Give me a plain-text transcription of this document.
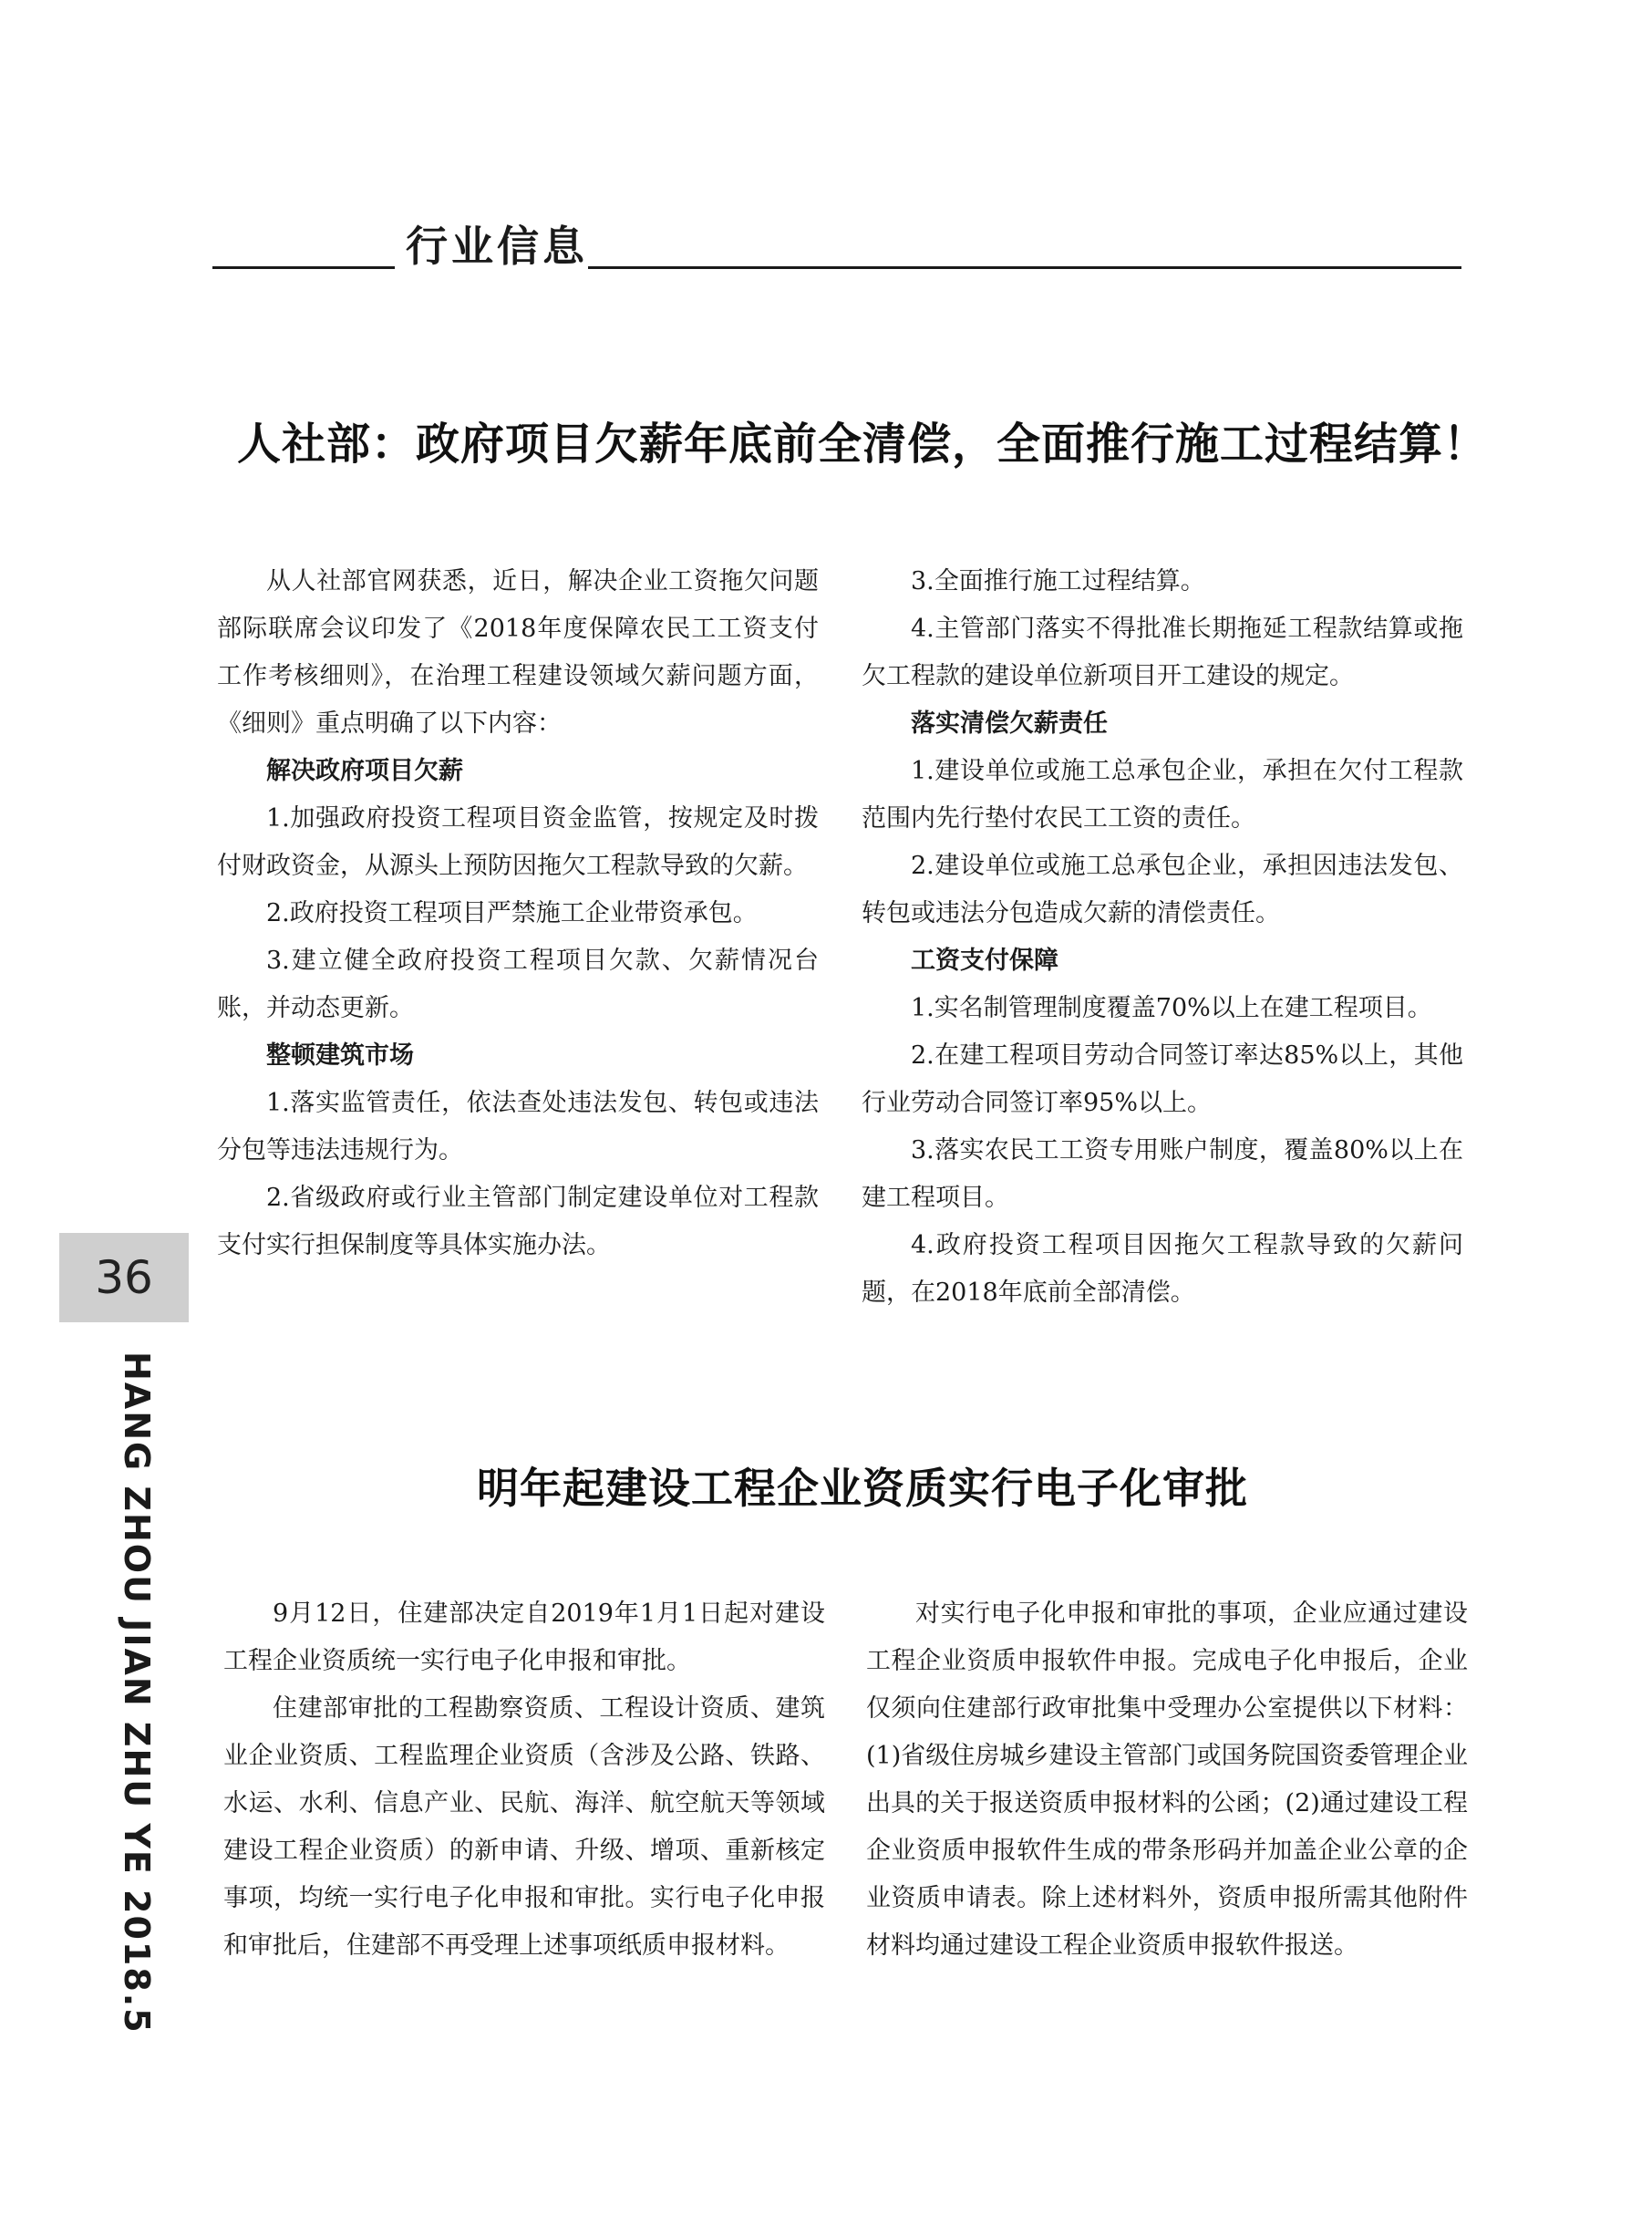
行业信息
人社部：政府项目欠薪年底前全清偿，全面推行施工过程结算！

从人社部官网获悉，近日，解决企业工资拖欠问题部际联席会议印发了《2018年度保障农民工工资支付工作考核细则》，在治理工程建设领域欠薪问题方面，《细则》重点明确了以下内容：

解决政府项目欠薪

1.加强政府投资工程项目资金监管，按规定及时拨付财政资金，从源头上预防因拖欠工程款导致的欠薪。

2.政府投资工程项目严禁施工企业带资承包。

3.建立健全政府投资工程项目欠款、欠薪情况台账，并动态更新。

整顿建筑市场

1.落实监管责任，依法查处违法发包、转包或违法分包等违法违规行为。

2.省级政府或行业主管部门制定建设单位对工程款支付实行担保制度等具体实施办法。

3.全面推行施工过程结算。

4.主管部门落实不得批准长期拖延工程款结算或拖欠工程款的建设单位新项目开工建设的规定。

落实清偿欠薪责任

1.建设单位或施工总承包企业，承担在欠付工程款范围内先行垫付农民工工资的责任。

2.建设单位或施工总承包企业，承担因违法发包、转包或违法分包造成欠薪的清偿责任。

工资支付保障

1.实名制管理制度覆盖70%以上在建工程项目。

2.在建工程项目劳动合同签订率达85%以上，其他行业劳动合同签订率95%以上。

3.落实农民工工资专用账户制度，覆盖80%以上在建工程项目。

4.政府投资工程项目因拖欠工程款导致的欠薪问题，在2018年底前全部清偿。

36
HANG ZHOU JIAN ZHU YE 2018.5	明年起建设工程企业资质实行电子化审批

9月12日，住建部决定自2019年1月1日起对建设工程企业资质统一实行电子化申报和审批。

住建部审批的工程勘察资质、工程设计资质、建筑业企业资质、工程监理企业资质（含涉及公路、铁路、水运、水利、信息产业、民航、海洋、航空航天等领域建设工程企业资质）的新申请、升级、增项、重新核定事项，均统一实行电子化申报和审批。实行电子化申报和审批后，住建部不再受理上述事项纸质申报材料。

对实行电子化申报和审批的事项，企业应通过建设工程企业资质申报软件申报。完成电子化申报后，企业仅须向住建部行政审批集中受理办公室提供以下材料：(1)省级住房城乡建设主管部门或国务院国资委管理企业出具的关于报送资质申报材料的公函；(2)通过建设工程企业资质申报软件生成的带条形码并加盖企业公章的企业资质申请表。除上述材料外，资质申报所需其他附件材料均通过建设工程企业资质申报软件报送。
